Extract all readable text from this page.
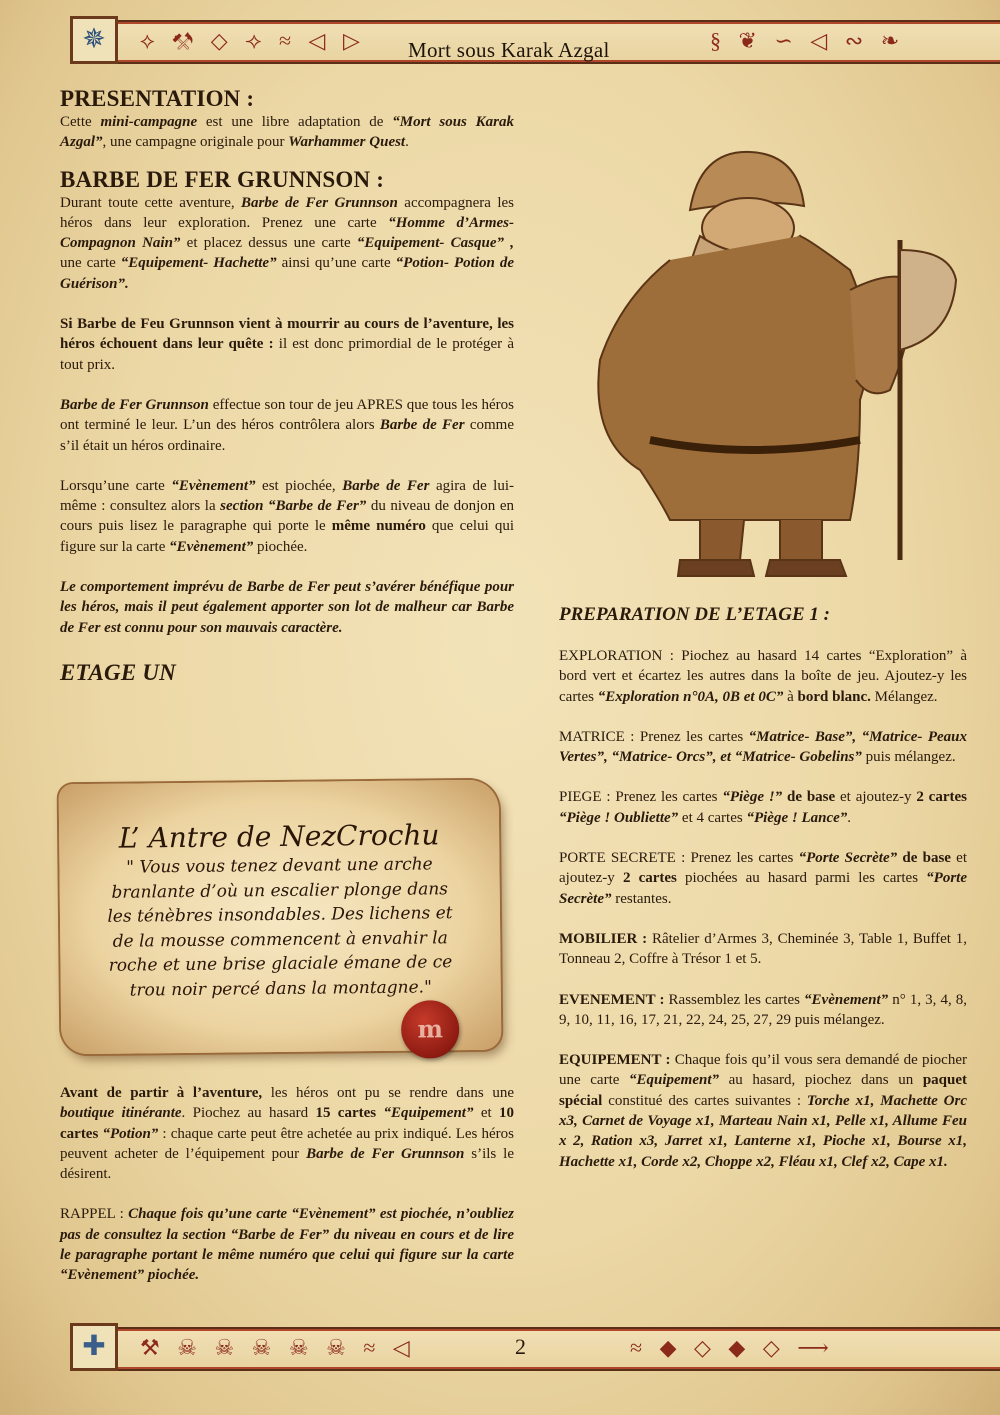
⟡ ⚒ ◇ ⟢ ≈ ◁ ▷	§ ❦ ∽ ◁ ∾ ❧
✵	Mort sous Karak Azgal
⚒ ☠ ☠ ☠ ☠ ☠ ≈ ◁	≈ ◆ ◇ ◆ ◇ ⟶
✚	2
PRESENTATION :

Cette mini-campagne est une libre adaptation de “Mort sous Karak Azgal”, une campagne originale pour Warhammer Quest.

BARBE DE FER GRUNNSON :

Durant toute cette aventure, Barbe de Fer Grunnson accompagnera les héros dans leur exploration. Prenez une carte “Homme d’Armes- Compagnon Nain” et placez dessus une carte “Equipement- Casque” , une carte “Equipement- Hachette” ainsi qu’une carte “Potion- Potion de Guérison”.

Si Barbe de Feu Grunnson vient à mourrir au cours de l’aventure, les héros échouent dans leur quête : il est donc primordial de le protéger à tout prix.

Barbe de Fer Grunnson effectue son tour de jeu APRES que tous les héros ont terminé le leur. L’un des héros contrôlera alors Barbe de Fer comme s’il était un héros ordinaire.

Lorsqu’une carte “Evènement” est piochée, Barbe de Fer agira de lui-même : consultez alors la section “Barbe de Fer” du niveau de donjon en cours puis lisez le paragraphe qui porte le même numéro que celui qui figure sur la carte “Evènement” piochée.

Le comportement imprévu de Barbe de Fer peut s’avérer bénéfique pour les héros, mais il peut également apporter son lot de malheur car Barbe de Fer est connu pour son mauvais caractère.

ETAGE UN
L’ Antre de NezCrochu
" Vous vous tenez devant une arche branlante d’où un escalier plonge dans les ténèbres insondables. Des lichens et de la mousse commencent à envahir la roche et une brise glaciale émane de ce trou noir percé dans la montagne."
m

Avant de partir à l’aventure, les héros ont pu se rendre dans une boutique itinérante. Piochez au hasard 15 cartes “Equipement” et 10 cartes “Potion” : chaque carte peut être achetée au prix indiqué. Les héros peuvent acheter de l’équipement pour Barbe de Fer Grunnson s’ils le désirent.

RAPPEL : Chaque fois qu’une carte “Evènement” est piochée, n’oubliez pas de consultez la section “Barbe de Fer” du niveau en cours et de lire le paragraphe portant le même numéro que celui qui figure sur la carte “Evènement” piochée.

PREPARATION DE L’ETAGE 1 :

EXPLORATION : Piochez au hasard 14 cartes “Exploration” à bord vert et écartez les autres dans la boîte de jeu. Ajoutez-y les cartes “Exploration n°0A, 0B et 0C” à bord blanc. Mélangez.

MATRICE : Prenez les cartes “Matrice- Base”, “Matrice- Peaux Vertes”, “Matrice- Orcs”, et “Matrice- Gobelins” puis mélangez.

PIEGE : Prenez les cartes “Piège !” de base et ajoutez-y 2 cartes “Piège ! Oubliette” et 4 cartes “Piège ! Lance”.

PORTE SECRETE : Prenez les cartes “Porte Secrète” de base et ajoutez-y 2 cartes piochées au hasard parmi les cartes “Porte Secrète” restantes.

MOBILIER : Râtelier d’Armes 3, Cheminée 3, Table 1, Buffet 1, Tonneau 2, Coffre à Trésor 1 et 5.

EVENEMENT : Rassemblez les cartes “Evènement” n° 1, 3, 4, 8, 9, 10, 11, 16, 17, 21, 22, 24, 25, 27, 29 puis mélangez.

EQUIPEMENT : Chaque fois qu’il vous sera demandé de piocher une carte “Equipement” au hasard, piochez dans un paquet spécial constitué des cartes suivantes : Torche x1, Machette Orc x3, Carnet de Voyage x1, Marteau Nain x1, Pelle x1, Allume Feu x 2, Ration x3, Jarret x1, Lanterne x1, Pioche x1, Bourse x1, Hachette x1, Corde x2, Choppe x2, Fléau x1, Clef x2, Cape x1.
